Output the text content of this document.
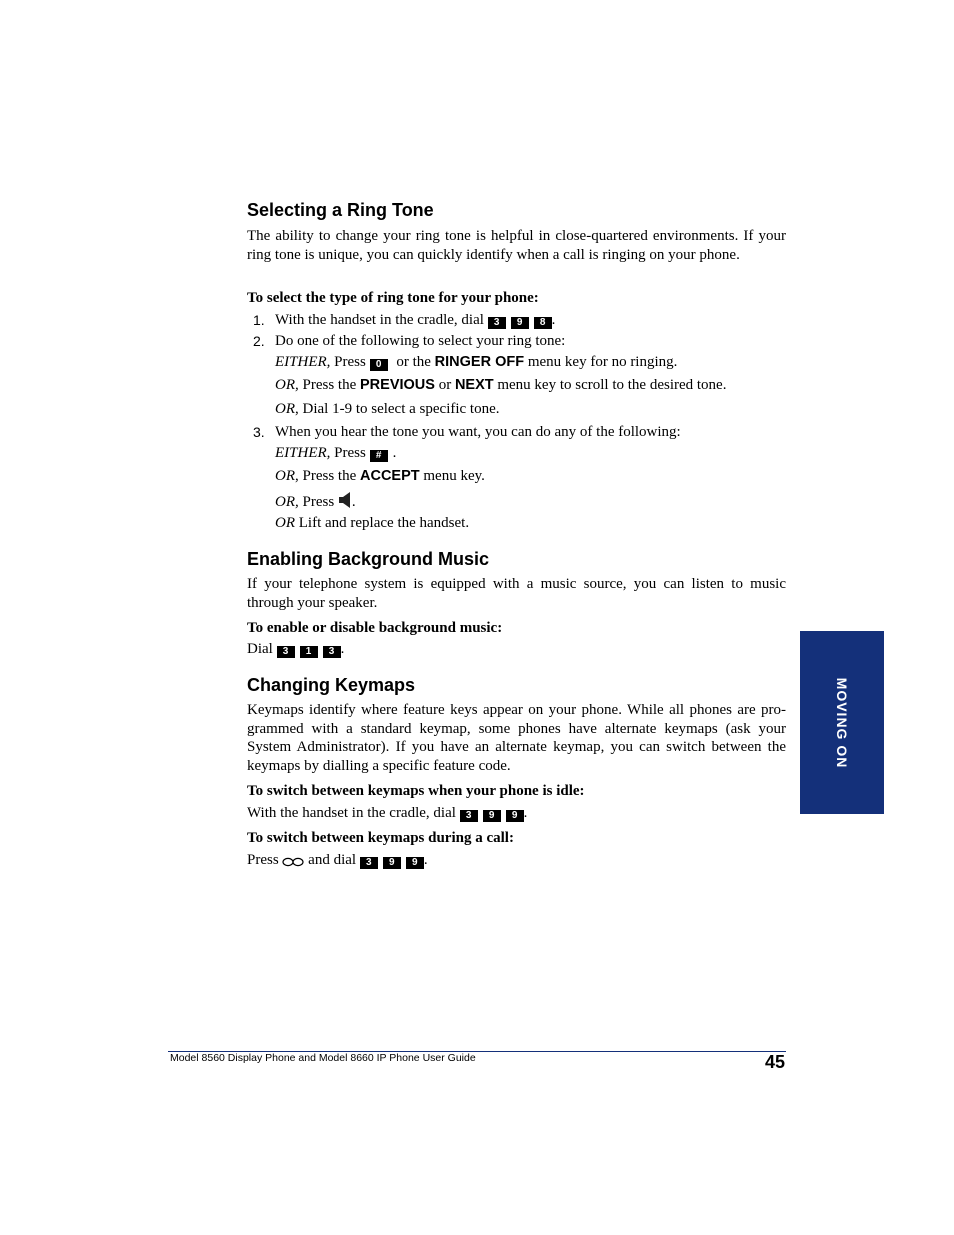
Selecting a Ring Tone

The ability to change your ring tone is helpful in close-quartered environments. If your ring tone is unique, you can quickly identify when a call is ringing on your phone.

To select the type of ring tone for your phone:

1. With the handset in the cradle, dial 3 9 8 .

2. Do one of the following to select your ring tone:

EITHER, Press 0 or the RINGER OFF menu key for no ringing.

OR, Press the PREVIOUS or NEXT menu key to scroll to the desired tone.

OR, Dial 1-9 to select a specific tone.

3. When you hear the tone you want, you can do any of the following:

EITHER, Press # .

OR, Press the ACCEPT menu key.

OR, Press .

OR Lift and replace the handset.

Enabling Background Music

If your telephone system is equipped with a music source, you can listen to music through your speaker.

To enable or disable background music:

Dial 3 1 3 .

Changing Keymaps

Keymaps identify where feature keys appear on your phone. While all phones are pro-grammed with a standard keymap, some phones have alternate keymaps (ask your System Administrator). If you have an alternate keymap, you can switch between the keymaps by dialling a specific feature code.

To switch between keymaps when your phone is idle:

With the handset in the cradle, dial 3 9 9 .

To switch between keymaps during a call:

Press and dial 3 9 9 .

MOVING ON
Model 8560 Display Phone and Model 8660 IP Phone User Guide	45
